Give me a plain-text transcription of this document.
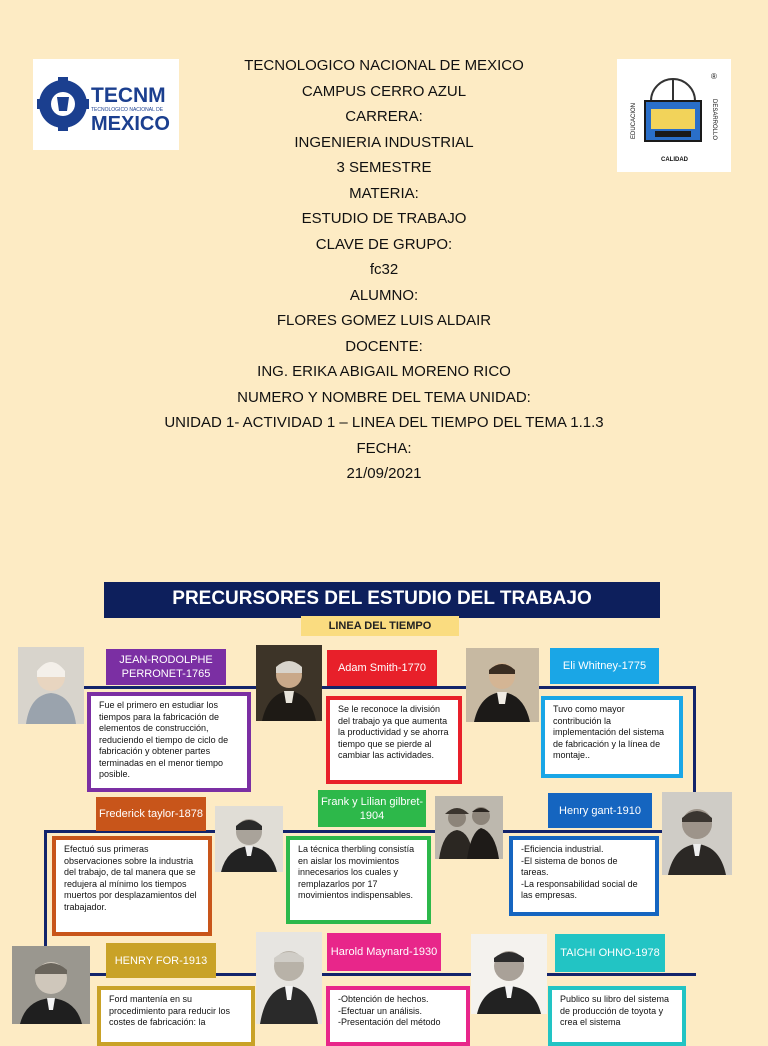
TECNM
TECNOLOGICO NACIONAL DE
MEXICO
®
EDUCACION	DESARROLLO
CALIDAD
TECNOLOGICO NACIONAL DE MEXICO
CAMPUS CERRO AZUL
CARRERA:
INGENIERIA INDUSTRIAL
3 SEMESTRE
MATERIA:
ESTUDIO DE TRABAJO
CLAVE DE GRUPO:
fc32
ALUMNO:
FLORES GOMEZ LUIS ALDAIR
DOCENTE:
ING. ERIKA ABIGAIL MORENO RICO
NUMERO Y NOMBRE DEL TEMA UNIDAD:
UNIDAD 1- ACTIVIDAD 1 – LINEA DEL TIEMPO DEL TEMA 1.1.3
FECHA:
21/09/2021
PRECURSORES DEL ESTUDIO DEL TRABAJO
LINEA DEL TIEMPO
JEAN-RODOLPHE PERRONET-1765	Adam Smith-1770	Eli Whitney-1775
Frederick taylor-1878
Frank y Lilian gilbret-1904	Henry gant-1910
HENRY FOR-1913
Harold Maynard-1930	TAICHI OHNO-1978
Fue el primero en estudiar los tiempos para la fabricación de elementos de construcción, reduciendo el tiempo de ciclo de fabricación y obtener partes terminadas en el menor tiempo posible.
Se le reconoce la división del trabajo ya que aumenta la productividad y se ahorra tiempo que se pierde al cambiar las actividades.
Tuvo como mayor contribución la implementación del sistema de fabricación y la línea de montaje..
Efectuó sus primeras observaciones sobre la industria del trabajo, de tal manera que se redujera al mínimo los tiempos muertos por desplazamientos del trabajador.
La técnica therbling consistía en aislar los movimientos innecesarios los cuales y remplazarlos por 17 movimientos indispensables.
-Eficiencia industrial.
-El sistema de bonos de tareas.
-La responsabilidad social de las empresas.
Ford mantenía en su procedimiento para reducir los costes de fabricación: la
-Obtención de hechos.
-Efectuar un análisis.
-Presentación del método
Publico su libro del sistema de producción de toyota y crea el sistema
